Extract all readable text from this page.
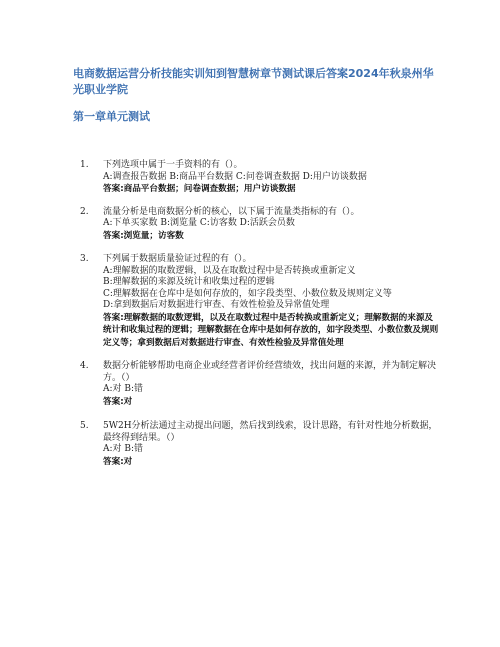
电商数据运营分析技能实训知到智慧树章节测试课后答案2024年秋泉州华光职业学院
第一章单元测试
1. 下列选项中属于一手资料的有（）。
A:调查报告数据 B:商品平台数据 C:问卷调查数据 D:用户访谈数据
答案:商品平台数据；问卷调查数据；用户访谈数据
2. 流量分析是电商数据分析的核心，以下属于流量类指标的有（）。
A:下单买家数 B:浏览量 C:访客数 D:活跃会员数
答案:浏览量；访客数
3. 下列属于数据质量验证过程的有（）。
A:理解数据的取数逻辑，以及在取数过程中是否转换或重新定义
B:理解数据的来源及统计和收集过程的逻辑
C:理解数据在仓库中是如何存放的，如字段类型、小数位数及规则定义等
D:拿到数据后对数据进行审查、有效性检验及异常值处理
答案:理解数据的取数逻辑，以及在取数过程中是否转换或重新定义；理解数据的来源及统计和收集过程的逻辑；理解数据在仓库中是如何存放的，如字段类型、小数位数及规则定义等；拿到数据后对数据进行审查、有效性检验及异常值处理
4. 数据分析能够帮助电商企业或经营者评价经营绩效，找出问题的来源，并为制定解决方。（）
A:对 B:错
答案:对
5. 5W2H分析法通过主动提出问题，然后找到线索，设计思路，有针对性地分析数据，最终得到结果。（）
A:对 B:错
答案:对
